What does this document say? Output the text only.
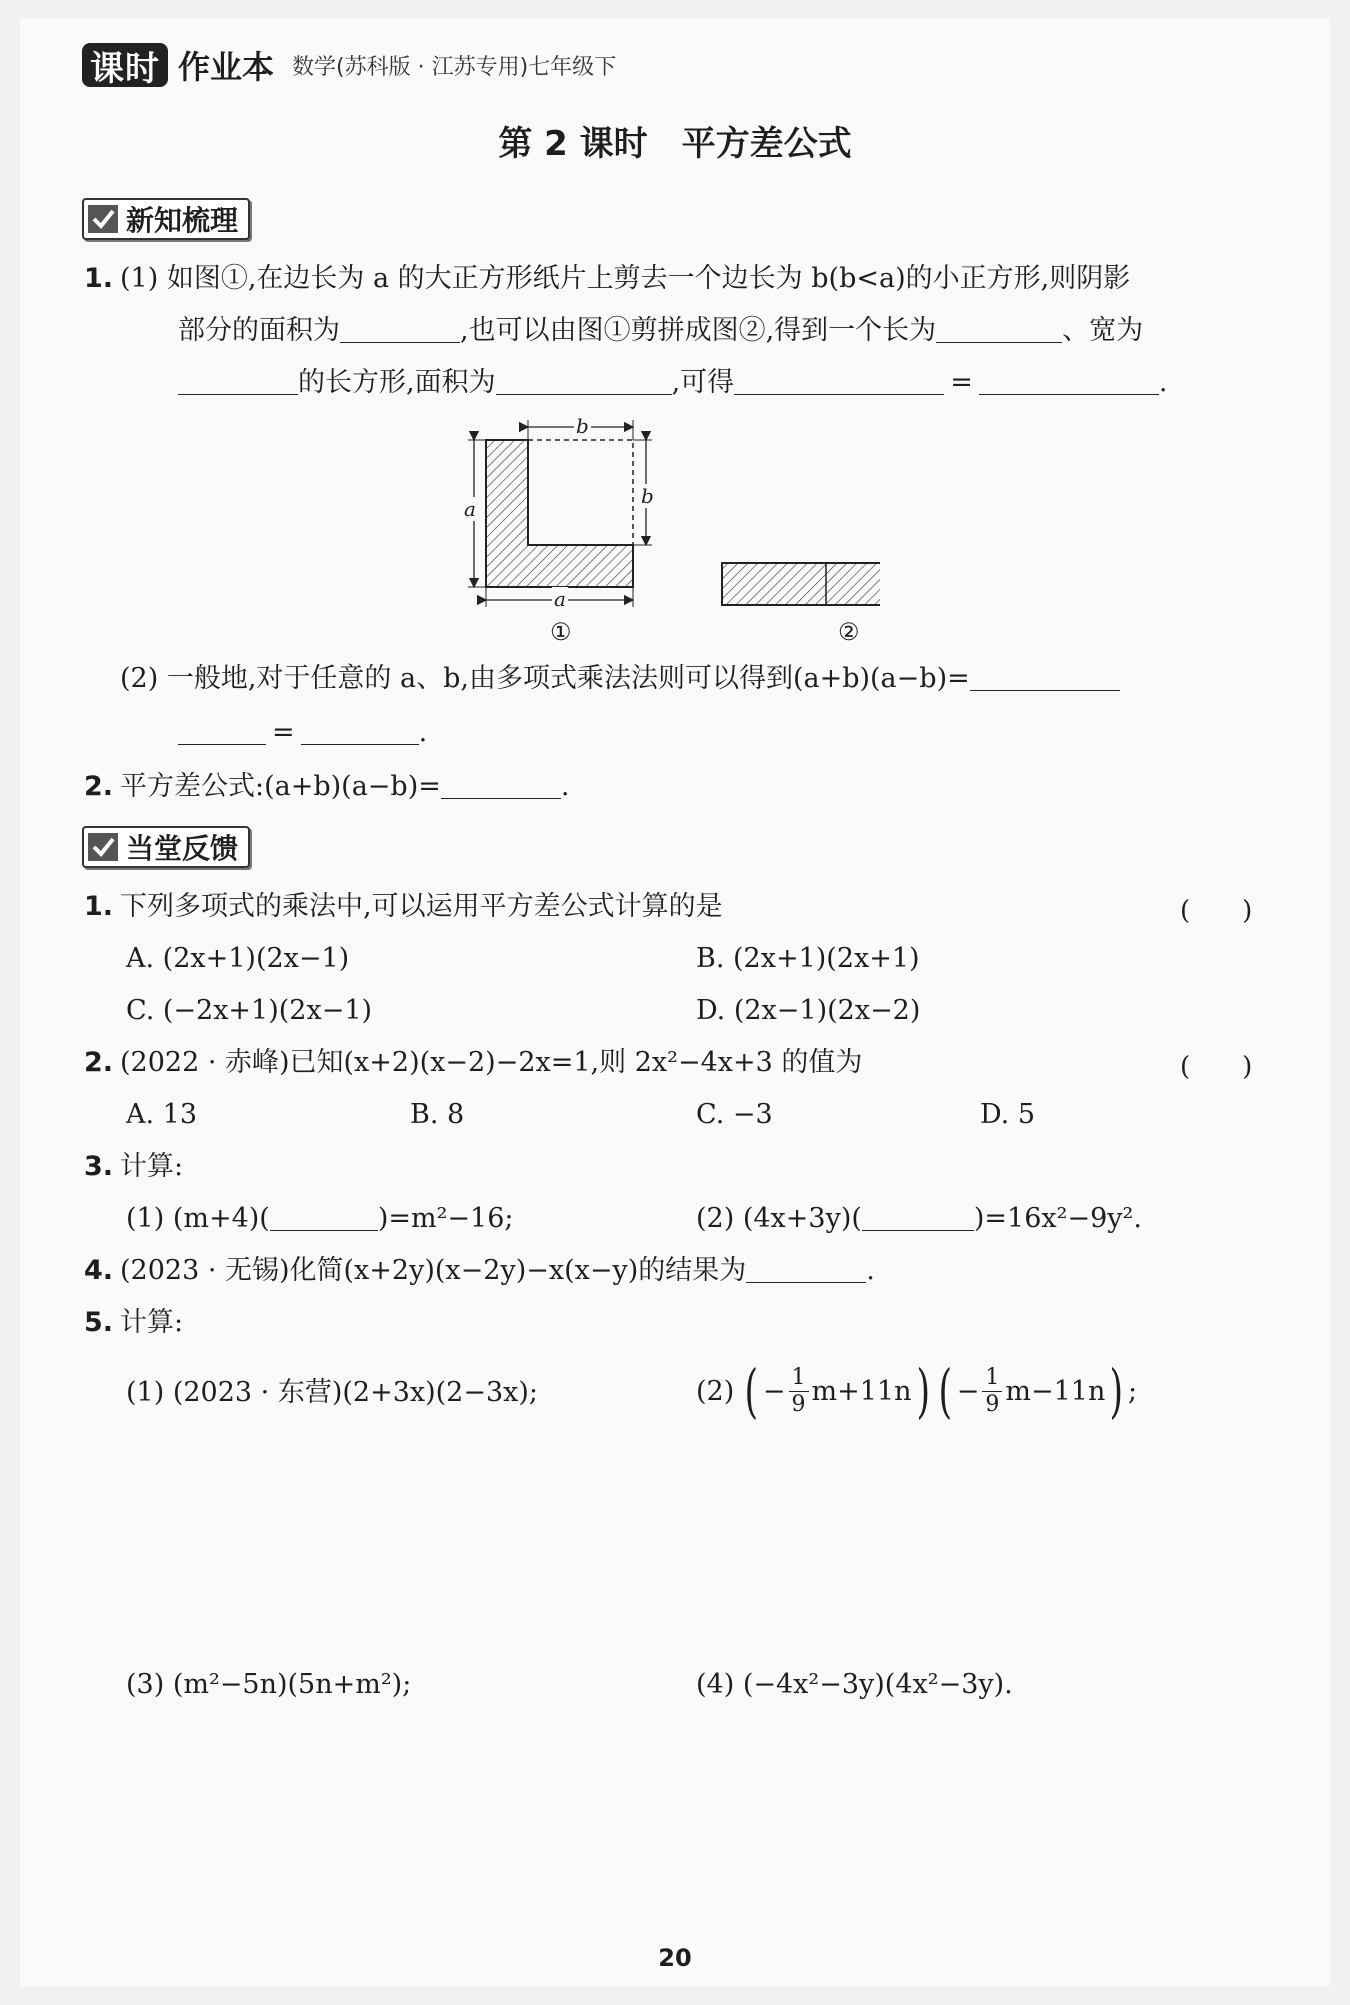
课时 作业本 数学(苏科版 · 江苏专用)七年级下
第 2 课时　平方差公式
新知梳理
1. (1) 如图①,在边长为 a 的大正方形纸片上剪去一个边长为 b(b<a)的小正方形,则阴影
部分的面积为	,也可以由图①剪拼成图②,得到一个长为	、宽为
的长方形,面积为	,可得	=	.
a
b
b
a
①	②
(2) 一般地,对于任意的 a、b,由多项式乘法法则可以得到(a+b)(a−b)=
=	.
2. 平方差公式:(a+b)(a−b)=	.
当堂反馈
1. 下列多项式的乘法中,可以运用平方差公式计算的是	(　　)
A. (2x+1)(2x−1)	B. (2x+1)(2x+1)
C. (−2x+1)(2x−1)	D. (2x−1)(2x−2)
2. (2022 · 赤峰)已知(x+2)(x−2)−2x=1,则 2x²−4x+3 的值为	(　　)
A. 13	B. 8	C. −3	D. 5
3. 计算:
(1) (m+4)(	)=m²−16;	(2) (4x+3y)(	)=16x²−9y².
4. (2023 · 无锡)化简(x+2y)(x−2y)−x(x−y)的结果为	.
5. 计算:
(1) (2023 · 东营)(2+3x)(2−3x);	(2) ( − $\frac{1}{9} m+11n$ ) ( − $\frac{1}{9} m-11n$ ) ;
(3) (m²−5n)(5n+m²);	(4) (−4x²−3y)(4x²−3y).
20
